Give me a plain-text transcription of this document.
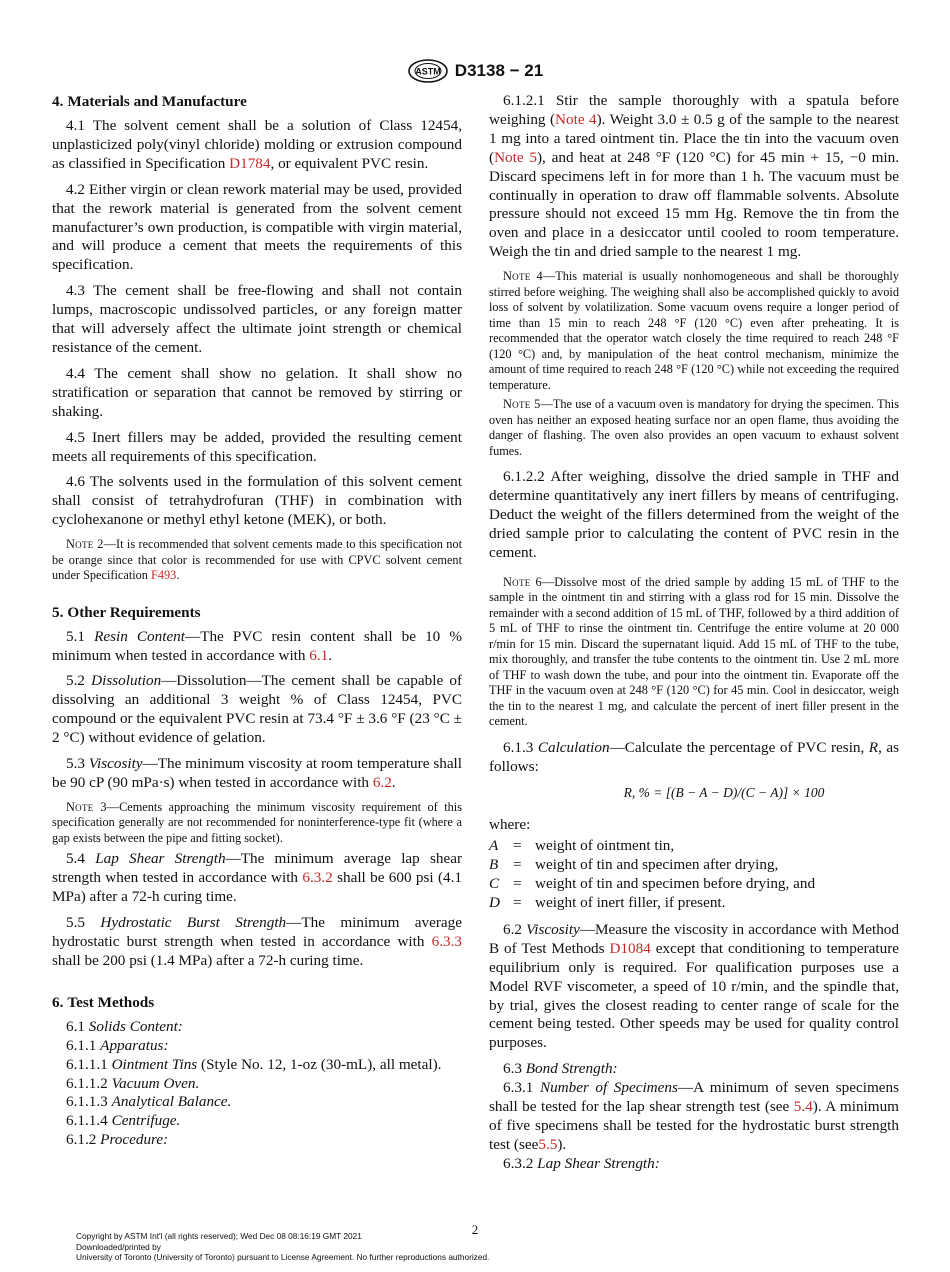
ASTM D3138 − 21
4. Materials and Manufacture

4.1 The solvent cement shall be a solution of Class 12454, unplasticized poly(vinyl chloride) molding or extrusion compound as classified in Specification D1784, or equivalent PVC resin.

4.2 Either virgin or clean rework material may be used, provided that the rework material is generated from the solvent cement manufacturer’s own production, is compatible with virgin material, and will produce a cement that meets the requirements of this specification.

4.3 The cement shall be free-flowing and shall not contain lumps, macroscopic undissolved particles, or any foreign matter that will adversely affect the ultimate joint strength or chemical resistance of the cement.

4.4 The cement shall show no gelation. It shall show no stratification or separation that cannot be removed by stirring or shaking.

4.5 Inert fillers may be added, provided the resulting cement meets all requirements of this specification.

4.6 The solvents used in the formulation of this solvent cement shall consist of tetrahydrofuran (THF) in combination with cyclohexanone or methyl ethyl ketone (MEK), or both.

Note 2—It is recommended that solvent cements made to this specification not be orange since that color is recommended for use with CPVC solvent cement under Specification F493.
5. Other Requirements

5.1 Resin Content—The PVC resin content shall be 10 % minimum when tested in accordance with 6.1.

5.2 Dissolution—Dissolution—The cement shall be capable of dissolving an additional 3 weight % of Class 12454, PVC compound or the equivalent PVC resin at 73.4 °F ± 3.6 °F (23 °C ± 2 °C) without evidence of gelation.

5.3 Viscosity—The minimum viscosity at room temperature shall be 90 cP (90 mPa·s) when tested in accordance with 6.2.

Note 3—Cements approaching the minimum viscosity requirement of this specification generally are not recommended for noninterference-type fit (where a gap exists between the pipe and fitting socket).

5.4 Lap Shear Strength—The minimum average lap shear strength when tested in accordance with 6.3.2 shall be 600 psi (4.1 MPa) after a 72-h curing time.

5.5 Hydrostatic Burst Strength—The minimum average hydrostatic burst strength when tested in accordance with 6.3.3 shall be 200 psi (1.4 MPa) after a 72-h curing time.

6. Test Methods

6.1 Solids Content:

6.1.1 Apparatus:

6.1.1.1 Ointment Tins (Style No. 12, 1-oz (30-mL), all metal).

6.1.1.2 Vacuum Oven.

6.1.1.3 Analytical Balance.

6.1.1.4 Centrifuge.

6.1.2 Procedure:

6.1.2.1 Stir the sample thoroughly with a spatula before weighing (Note 4). Weight 3.0 ± 0.5 g of the sample to the nearest 1 mg into a tared ointment tin. Place the tin into the vacuum oven (Note 5), and heat at 248 °F (120 °C) for 45 min + 15, −0 min. Discard specimens left in for more than 1 h. The vacuum must be continually in operation to draw off flammable solvents. Absolute pressure should not exceed 15 mm Hg. Remove the tin from the oven and place in a desiccator until cooled to room temperature. Weigh the tin and dried sample to the nearest 1 mg.

Note 4—This material is usually nonhomogeneous and shall be thoroughly stirred before weighing. The weighing shall also be accomplished quickly to avoid loss of solvent by volatilization. Some vacuum ovens require a longer period of time than 15 min to reach 248 °F (120 °C) even after preheating. It is recommended that the operator watch closely the time required to reach 248 °F (120 °C) and, by manipulation of the heat control mechanism, minimize the amount of time required to reach 248 °F (120 °C) while not exceeding the required temperature.
Note 5—The use of a vacuum oven is mandatory for drying the specimen. This oven has neither an exposed heating surface nor an open flame, thus avoiding the danger of flashing. The oven also provides an open vacuum to exhaust solvent fumes.

6.1.2.2 After weighing, dissolve the dried sample in THF and determine quantitatively any inert fillers by means of centrifuging. Deduct the weight of the fillers determined from the weight of the dried sample prior to calculating the content of PVC resin in the cement.

Note 6—Dissolve most of the dried sample by adding 15 mL of THF to the sample in the ointment tin and stirring with a glass rod for 15 min. Dissolve the remainder with a second addition of 15 mL of THF, followed by a third addition of 5 mL of THF to rinse the ointment tin. Centrifuge the entire volume at 20 000 r/min for 15 min. Discard the supernatant liquid. Add 15 mL of THF to the tube, mix thoroughly, and transfer the tube contents to the ointment tin. Use 2 mL more of THF to wash down the tube, and pour into the ointment tin. Evaporate off the THF in the vacuum oven at 248 °F (120 °C) for 45 min. Cool in desiccator, weigh the tin to the nearest 1 mg, and calculate the percent of inert filler present in the cement.

6.1.3 Calculation—Calculate the percentage of PVC resin, R, as follows:

R, % = [(B − A − D)/(C − A)] × 100
where:
A = weight of ointment tin,
B = weight of tin and specimen after drying,
C = weight of tin and specimen before drying, and
D = weight of inert filler, if present.

6.2 Viscosity—Measure the viscosity in accordance with Method B of Test Methods D1084 except that conditioning to temperature equilibrium only is required. For qualification purposes use a Model RVF viscometer, a speed of 10 r/min, and the spindle that, by trial, gives the closest reading to center range of scale for the cement being tested. Other speeds may be used for quality control purposes.

6.3 Bond Strength:

6.3.1 Number of Specimens—A minimum of seven specimens shall be tested for the lap shear strength test (see 5.4). A minimum of five specimens shall be tested for the hydrostatic burst strength test (see5.5).

6.3.2 Lap Shear Strength:

2
Copyright by ASTM Int'l (all rights reserved); Wed Dec 08 08:16:19 GMT 2021
Downloaded/printed by
University of Toronto (University of Toronto) pursuant to License Agreement. No further reproductions authorized.
